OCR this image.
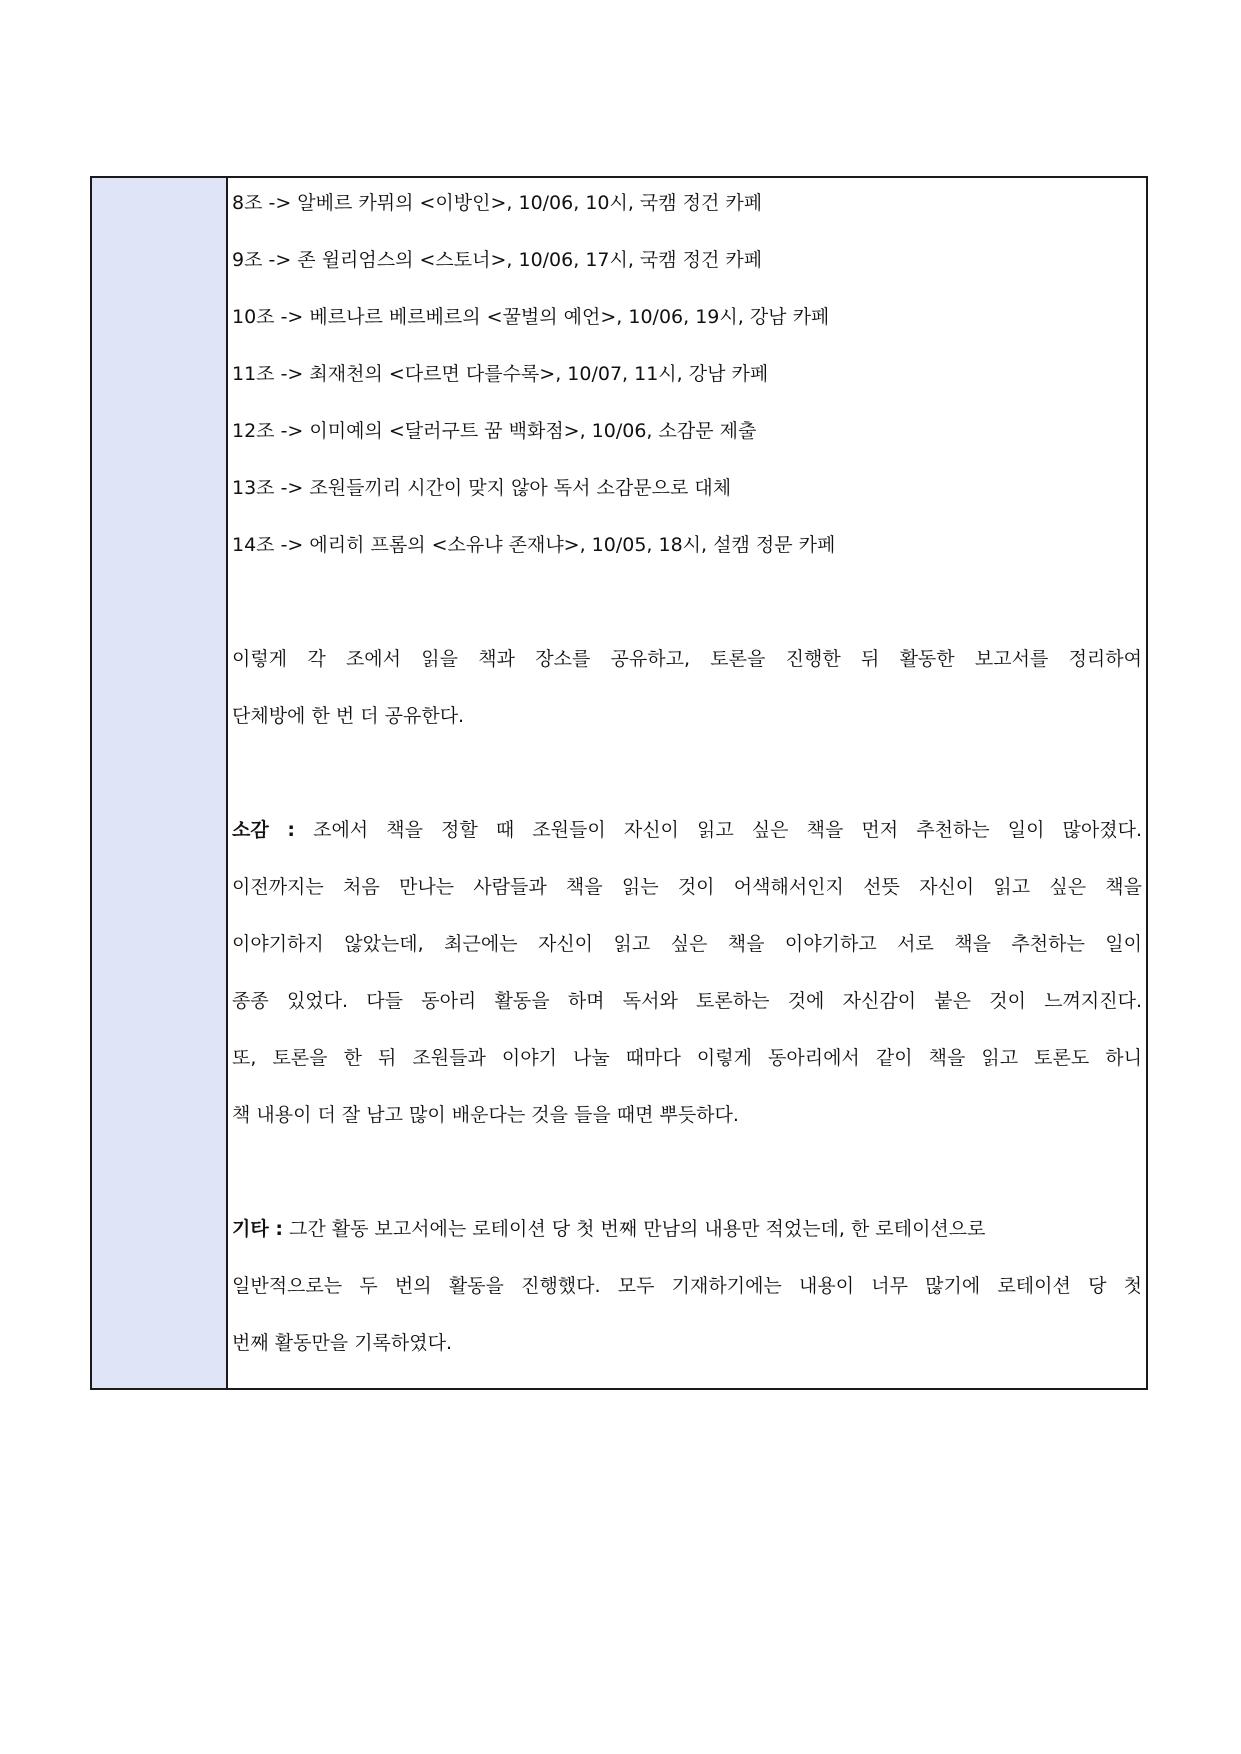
8조 -> 알베르 카뮈의 <이방인>, 10/06, 10시, 국캠 정건 카페
9조 -> 존 윌리엄스의 <스토너>, 10/06, 17시, 국캠 정건 카페
10조 -> 베르나르 베르베르의 <꿀벌의 예언>, 10/06, 19시, 강남 카페
11조 -> 최재천의 <다르면 다를수록>, 10/07, 11시, 강남 카페
12조 -> 이미예의 <달러구트 꿈 백화점>, 10/06, 소감문 제출
13조 -> 조원들끼리 시간이 맞지 않아 독서 소감문으로 대체
14조 -> 에리히 프롬의 <소유냐 존재냐>, 10/05, 18시, 설캠 정문 카페
이렇게 각 조에서 읽을 책과 장소를 공유하고, 토론을 진행한 뒤 활동한 보고서를 정리하여
단체방에 한 번 더 공유한다.
소감 : 조에서 책을 정할 때 조원들이 자신이 읽고 싶은 책을 먼저 추천하는 일이 많아졌다.
이전까지는 처음 만나는 사람들과 책을 읽는 것이 어색해서인지 선뜻 자신이 읽고 싶은 책을
이야기하지 않았는데, 최근에는 자신이 읽고 싶은 책을 이야기하고 서로 책을 추천하는 일이
종종 있었다. 다들 동아리 활동을 하며 독서와 토론하는 것에 자신감이 붙은 것이 느껴지진다.
또, 토론을 한 뒤 조원들과 이야기 나눌 때마다 이렇게 동아리에서 같이 책을 읽고 토론도 하니
책 내용이 더 잘 남고 많이 배운다는 것을 들을 때면 뿌듯하다.
기타 : 그간 활동 보고서에는 로테이션 당 첫 번째 만남의 내용만 적었는데, 한 로테이션으로
일반적으로는 두 번의 활동을 진행했다. 모두 기재하기에는 내용이 너무 많기에 로테이션 당 첫
번째 활동만을 기록하였다.
